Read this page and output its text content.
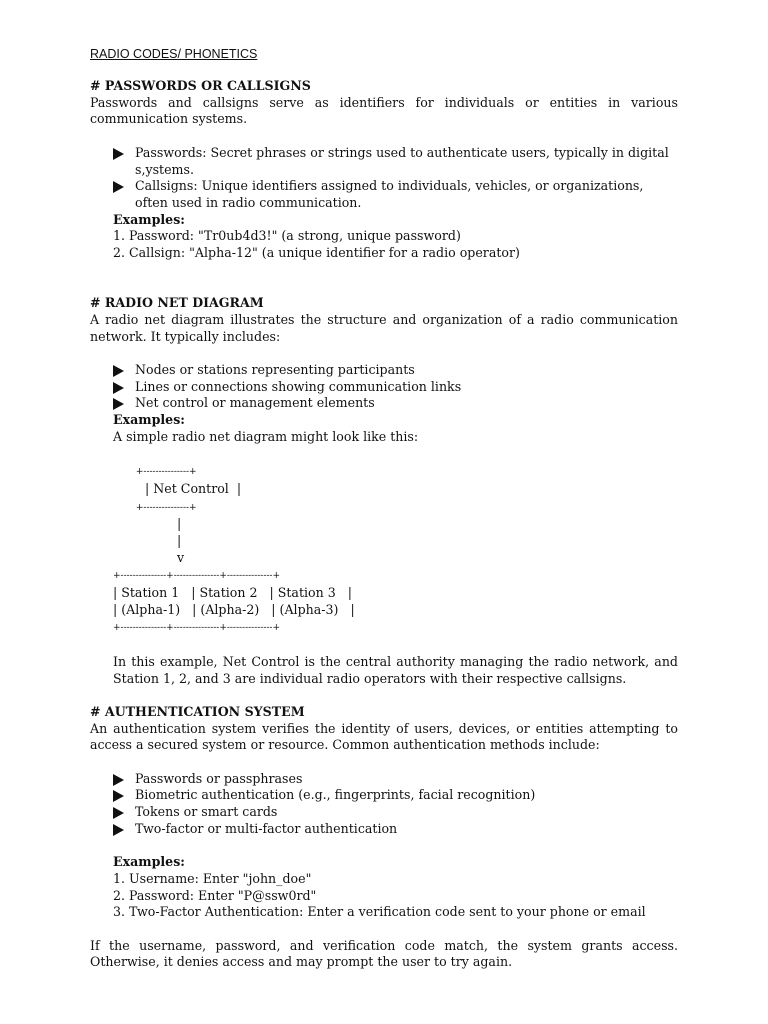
RADIO CODES/ PHONETICS
# PASSWORDS OR CALLSIGNS

Passwords and callsigns serve as identifiers for individuals or entities in various communication systems.

Passwords: Secret phrases or strings used to authenticate users, typically in digital s,ystems.
Callsigns: Unique identifiers assigned to individuals, vehicles, or organizations, often used in radio communication.
Examples:
1. Password: "Tr0ub4d3!" (a strong, unique password)
2. Callsign: "Alpha-12" (a unique identifier for a radio operator)
# RADIO NET DIAGRAM

A radio net diagram illustrates the structure and organization of a radio communication network. It typically includes:

Nodes or stations representing participants
Lines or connections showing communication links
Net control or management elements
Examples:
A simple radio net diagram might look like this:
+---------------+
| Net Control  |
+---------------+
|
|
v
+---------------+---------------+---------------+
| Station 1   | Station 2   | Station 3   |
| (Alpha-1)   | (Alpha-2)   | (Alpha-3)   |
+---------------+---------------+---------------+

In this example, Net Control is the central authority managing the radio network, and Station 1, 2, and 3 are individual radio operators with their respective callsigns.

# AUTHENTICATION SYSTEM

An authentication system verifies the identity of users, devices, or entities attempting to access a secured system or resource. Common authentication methods include:

Passwords or passphrases
Biometric authentication (e.g., fingerprints, facial recognition)
Tokens or smart cards
Two-factor or multi-factor authentication
Examples:
1. Username: Enter "john_doe"
2. Password: Enter "P@ssw0rd"
3. Two-Factor Authentication: Enter a verification code sent to your phone or email

If the username, password, and verification code match, the system grants access. Otherwise, it denies access and may prompt the user to try again.
